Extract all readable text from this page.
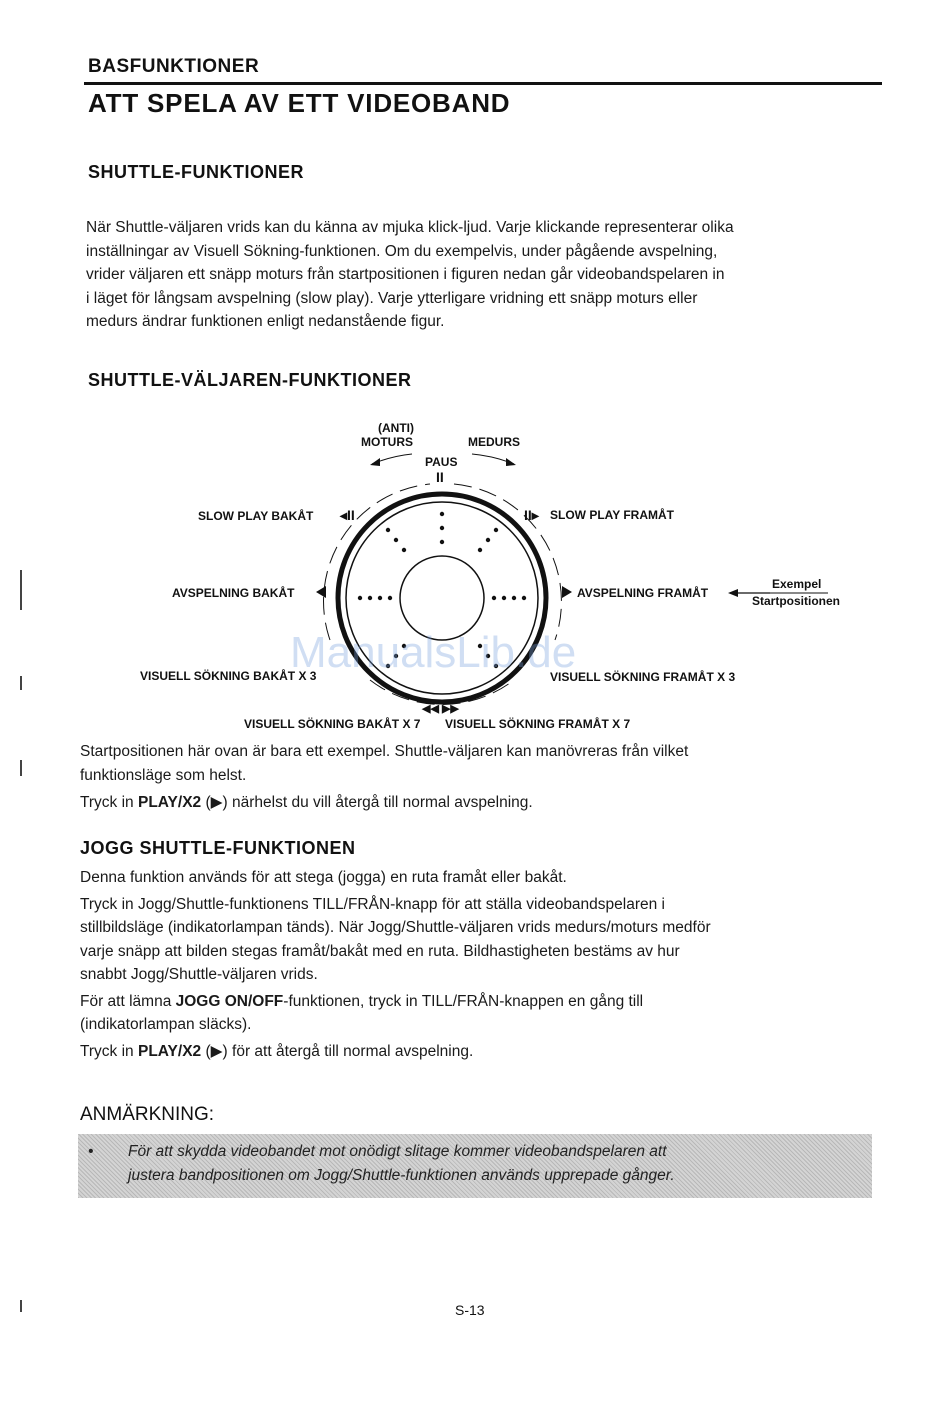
BASFUNKTIONER
ATT SPELA AV ETT VIDEOBAND
SHUTTLE-FUNKTIONER

När Shuttle-väljaren vrids kan du känna av mjuka klick-ljud. Varje klickande representerar olika

inställningar av Visuell Sökning-funktionen. Om du exempelvis, under pågående avspelning,

vrider väljaren ett snäpp moturs från startpositionen i figuren nedan går videobandspelaren in

i läget för långsam avspelning (slow play). Varje ytterligare vridning ett snäpp moturs eller

medurs ändrar funktionen enligt nedanstående figur.

SHUTTLE-VÄLJAREN-FUNKTIONER
(ANTI)
MOTURS	MEDURS
PAUS
II
SLOW PLAY BAKÅT ◂II	II▸ SLOW PLAY FRAMÅT
AVSPELNING BAKÅT	AVSPELNING FRAMÅT
Exempel
Startpositionen
VISUELL SÖKNING BAKÅT X 3	VISUELL SÖKNING FRAMÅT X 3
◀◀ ▶▶
VISUELL SÖKNING BAKÅT X 7 VISUELL SÖKNING FRAMÅT X 7
ManualsLib.de

Startpositionen här ovan är bara ett exempel. Shuttle-väljaren kan manövreras från vilket

funktionsläge som helst.

Tryck in PLAY/X2 (▶) närhelst du vill återgå till normal avspelning.

JOGG SHUTTLE-FUNKTIONEN

Denna funktion används för att stega (jogga) en ruta framåt eller bakåt.

Tryck in Jogg/Shuttle-funktionens TILL/FRÅN-knapp för att ställa videobandspelaren i

stillbildsläge (indikatorlampan tänds). När Jogg/Shuttle-väljaren vrids medurs/moturs medför

varje snäpp att bilden stegas framåt/bakåt med en ruta. Bildhastigheten bestäms av hur

snabbt Jogg/Shuttle-väljaren vrids.

För att lämna JOGG ON/OFF-funktionen, tryck in TILL/FRÅN-knappen en gång till

(indikatorlampan släcks).

Tryck in PLAY/X2 (▶) för att återgå till normal avspelning.

ANMÄRKNING:
•	För att skydda videobandet mot onödigt slitage kommer videobandspelaren att
justera bandpositionen om Jogg/Shuttle-funktionen används upprepade gånger.
S-13
